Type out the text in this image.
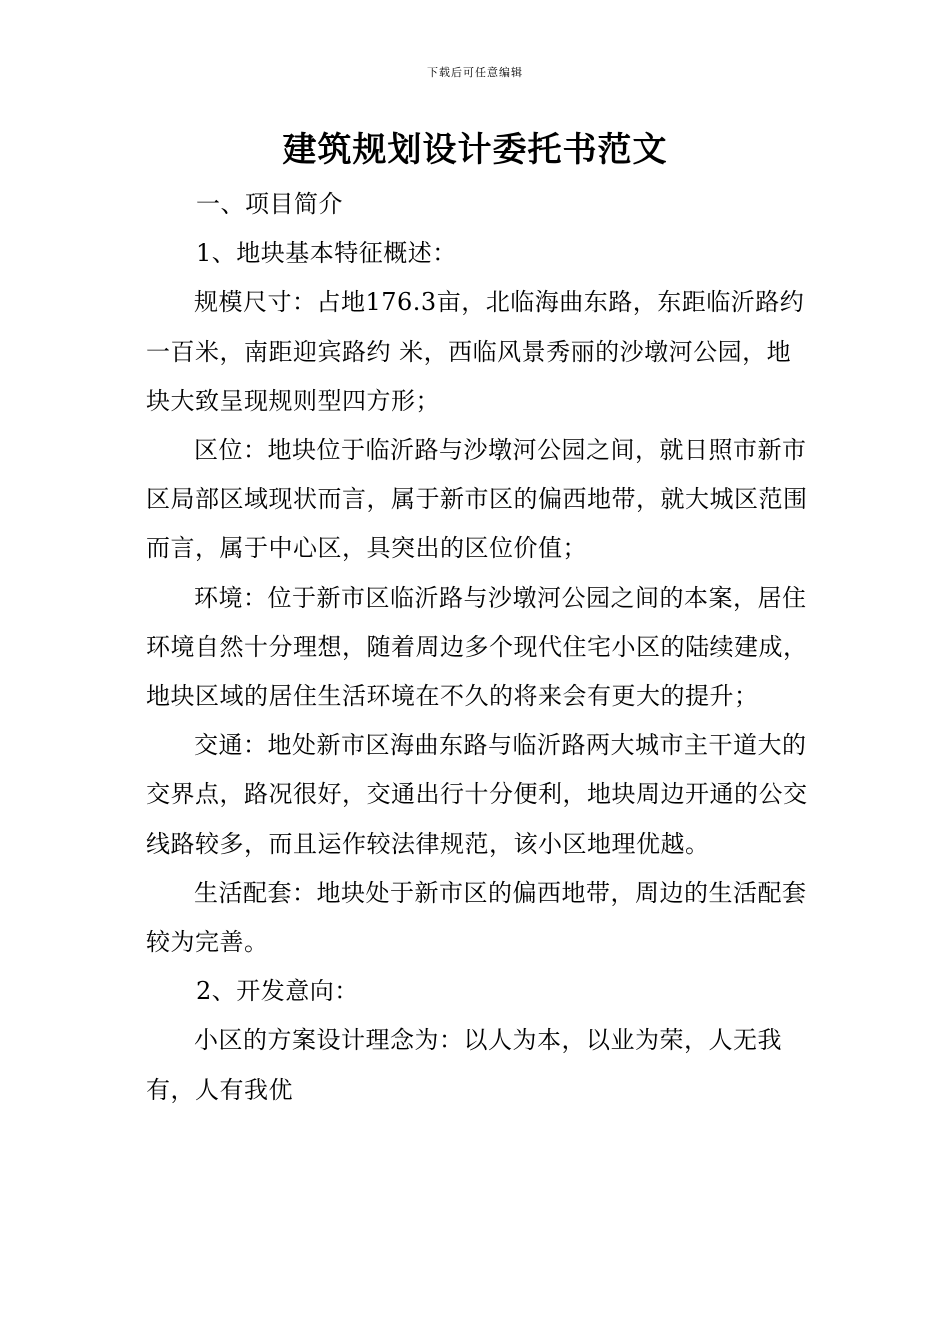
下载后可任意编辑
建筑规划设计委托书范文

一、项目简介

1、地块基本特征概述：

规模尺寸：占地176.3亩，北临海曲东路，东距临沂路约一百米，南距迎宾路约 米，西临风景秀丽的沙墩河公园，地块大致呈现规则型四方形；

区位：地块位于临沂路与沙墩河公园之间，就日照市新市区局部区域现状而言，属于新市区的偏西地带，就大城区范围而言，属于中心区，具突出的区位价值；

环境：位于新市区临沂路与沙墩河公园之间的本案，居住环境自然十分理想，随着周边多个现代住宅小区的陆续建成，地块区域的居住生活环境在不久的将来会有更大的提升；

交通：地处新市区海曲东路与临沂路两大城市主干道大的交界点，路况很好，交通出行十分便利，地块周边开通的公交线路较多，而且运作较法律规范，该小区地理优越。

生活配套：地块处于新市区的偏西地带，周边的生活配套较为完善。

2、开发意向：

小区的方案设计理念为：以人为本，以业为荣，人无我有，人有我优
